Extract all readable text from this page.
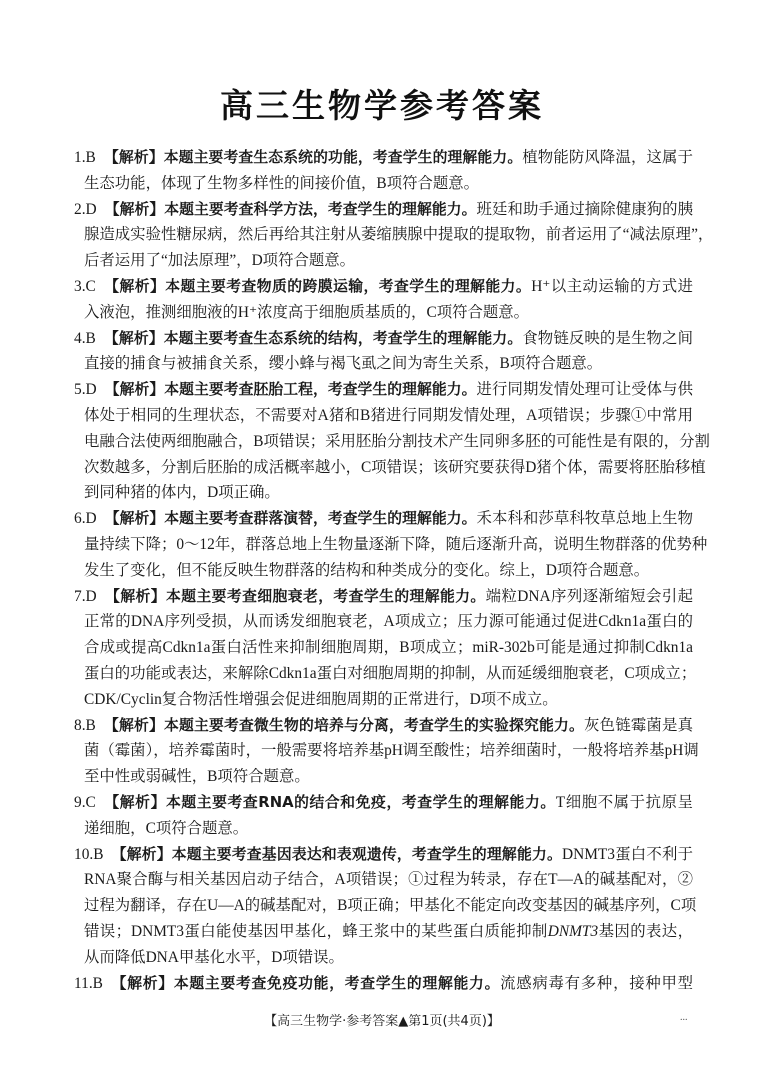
高三生物学参考答案
1.B 【解析】本题主要考查生态系统的功能，考查学生的理解能力。植物能防风降温，这属于
生态功能，体现了生物多样性的间接价值，B项符合题意。
2.D 【解析】本题主要考查科学方法，考查学生的理解能力。班廷和助手通过摘除健康狗的胰
腺造成实验性糖尿病，然后再给其注射从萎缩胰腺中提取的提取物，前者运用了“减法原理”，
后者运用了“加法原理”，D项符合题意。
3.C 【解析】本题主要考查物质的跨膜运输，考查学生的理解能力。H⁺以主动运输的方式进
入液泡，推测细胞液的H⁺浓度高于细胞质基质的，C项符合题意。
4.B 【解析】本题主要考查生态系统的结构，考查学生的理解能力。食物链反映的是生物之间
直接的捕食与被捕食关系，缨小蜂与褐飞虱之间为寄生关系，B项符合题意。
5.D 【解析】本题主要考查胚胎工程，考查学生的理解能力。进行同期发情处理可让受体与供
体处于相同的生理状态，不需要对A猪和B猪进行同期发情处理，A项错误；步骤①中常用
电融合法使两细胞融合，B项错误；采用胚胎分割技术产生同卵多胚的可能性是有限的，分割
次数越多，分割后胚胎的成活概率越小，C项错误；该研究要获得D猪个体，需要将胚胎移植
到同种猪的体内，D项正确。
6.D 【解析】本题主要考查群落演替，考查学生的理解能力。禾本科和莎草科牧草总地上生物
量持续下降；0～12年，群落总地上生物量逐渐下降，随后逐渐升高，说明生物群落的优势种
发生了变化，但不能反映生物群落的结构和种类成分的变化。综上，D项符合题意。
7.D 【解析】本题主要考查细胞衰老，考查学生的理解能力。端粒DNA序列逐渐缩短会引起
正常的DNA序列受损，从而诱发细胞衰老，A项成立；压力源可能通过促进Cdkn1a蛋白的
合成或提高Cdkn1a蛋白活性来抑制细胞周期，B项成立；miR-302b可能是通过抑制Cdkn1a
蛋白的功能或表达，来解除Cdkn1a蛋白对细胞周期的抑制，从而延缓细胞衰老，C项成立；
CDK/Cyclin复合物活性增强会促进细胞周期的正常进行，D项不成立。
8.B 【解析】本题主要考查微生物的培养与分离，考查学生的实验探究能力。灰色链霉菌是真
菌（霉菌），培养霉菌时，一般需要将培养基pH调至酸性；培养细菌时，一般将培养基pH调
至中性或弱碱性，B项符合题意。
9.C 【解析】本题主要考查RNA的结合和免疫，考查学生的理解能力。T细胞不属于抗原呈
递细胞，C项符合题意。
10.B 【解析】本题主要考查基因表达和表观遗传，考查学生的理解能力。DNMT3蛋白不利于
RNA聚合酶与相关基因启动子结合，A项错误；①过程为转录，存在T—A的碱基配对，②
过程为翻译，存在U—A的碱基配对，B项正确；甲基化不能定向改变基因的碱基序列，C项
错误；DNMT3蛋白能使基因甲基化，蜂王浆中的某些蛋白质能抑制DNMT3基因的表达，
从而降低DNA甲基化水平，D项错误。
11.B 【解析】本题主要考查免疫功能，考查学生的理解能力。流感病毒有多种，接种甲型
【高三生物学·参考答案▲第1页(共4页)】	...
